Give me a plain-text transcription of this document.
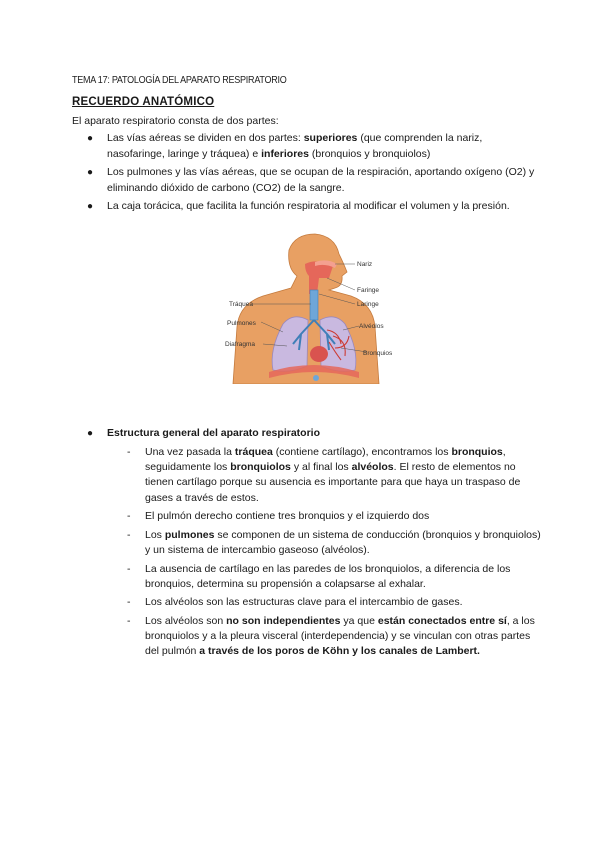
TEMA 17: PATOLOGÍA DEL APARATO RESPIRATORIO
RECUERDO ANATÓMICO
El aparato respiratorio consta de dos partes:
● Las vías aéreas se dividen en dos partes: superiores (que comprenden la nariz, nasofaringe, laringe y tráquea) e inferiores (bronquios y bronquiolos)
● Los pulmones y las vías aéreas, que se ocupan de la respiración, aportando oxígeno (O2) y eliminando dióxido de carbono (CO2) de la sangre.
● La caja torácica, que facilita la función respiratoria al modificar el volumen y la presión.
Nariz
Faringe
Laringe
Tráquea
Pulmones	Alvéolos
Diafragma
Bronquios
● Estructura general del aparato respiratorio
- Una vez pasada la tráquea (contiene cartílago), encontramos los bronquios, seguidamente los bronquiolos y al final los alvéolos. El resto de elementos no tienen cartílago porque su ausencia es importante para que haya un traspaso de gases a través de estos.
- El pulmón derecho contiene tres bronquios y el izquierdo dos
- Los pulmones se componen de un sistema de conducción (bronquios y bronquiolos) y un sistema de intercambio gaseoso (alvéolos).
- La ausencia de cartílago en las paredes de los bronquiolos, a diferencia de los bronquios, determina su propensión a colapsarse al exhalar.
- Los alvéolos son las estructuras clave para el intercambio de gases.
- Los alvéolos son no son independientes ya que están conectados entre sí, a los bronquiolos y a la pleura visceral (interdependencia) y se vinculan con otras partes del pulmón a través de los poros de Köhn y los canales de Lambert.
